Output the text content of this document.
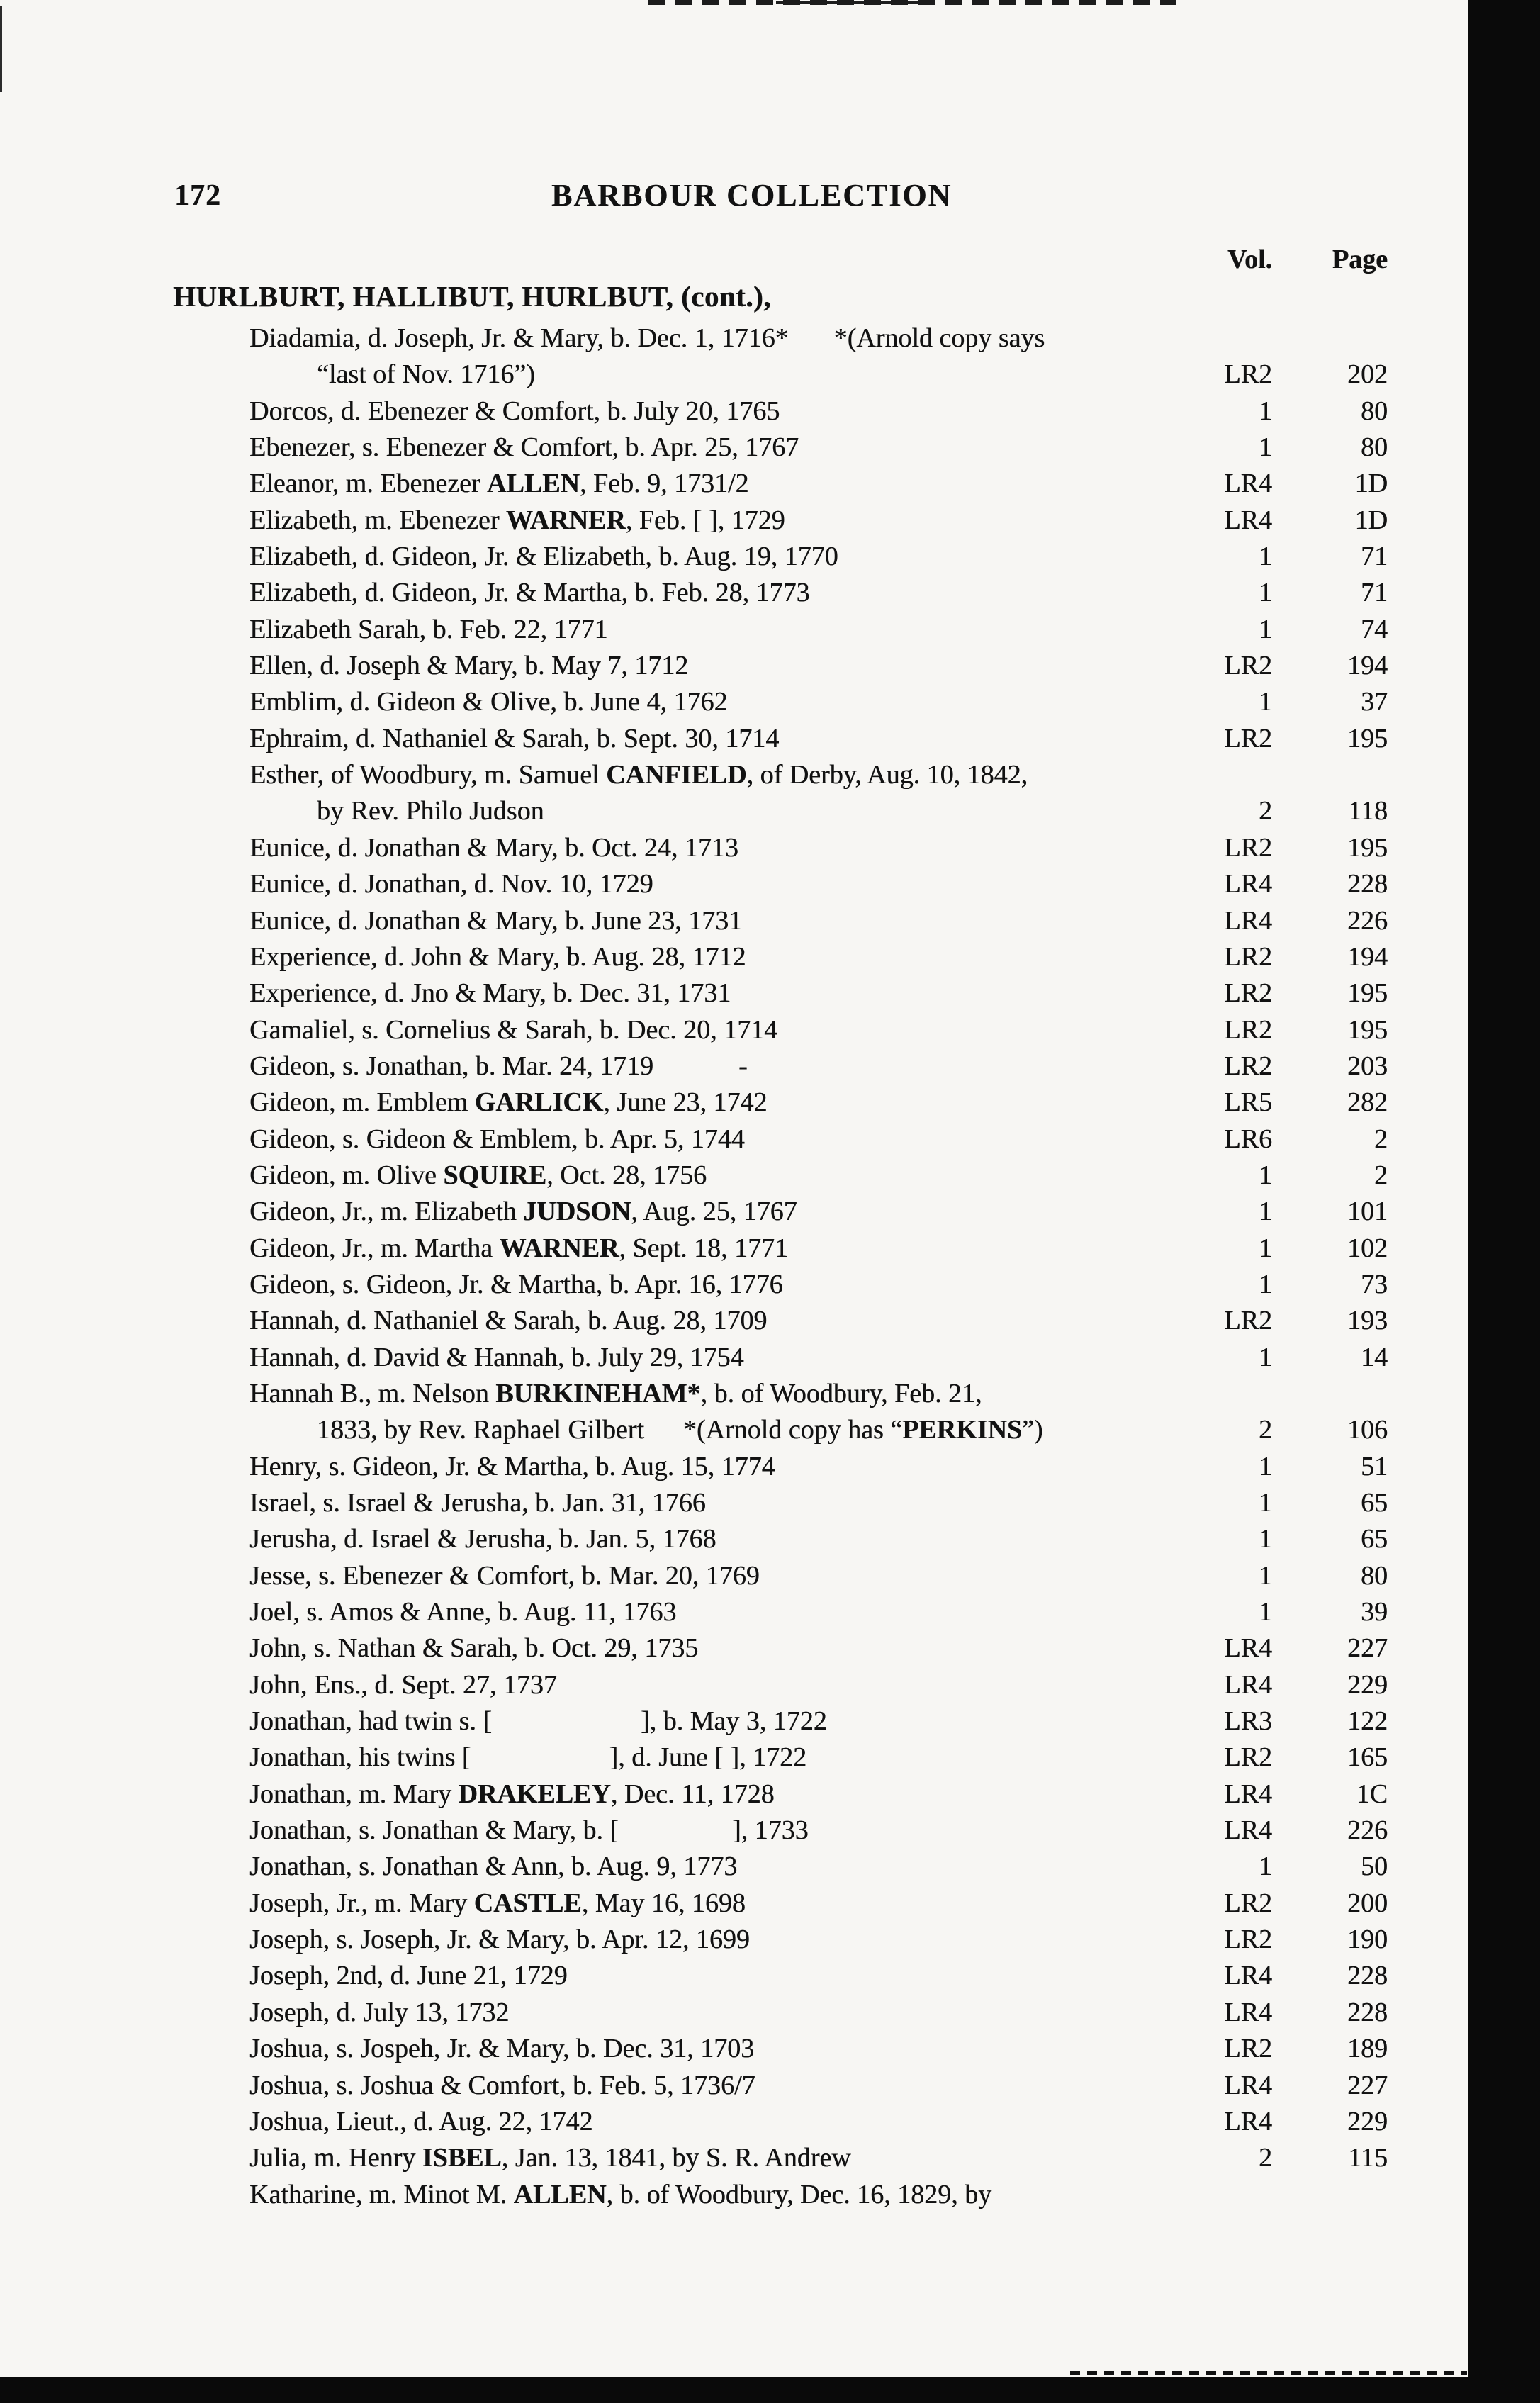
172	BARBOUR COLLECTION
Vol. Page
HURLBURT, HALLIBUT, HURLBUT, (cont.),
Diadamia, d. Joseph, Jr. & Mary, b. Dec. 1, 1716* *(Arnold copy says
“last of Nov. 1716”)	LR2	202
Dorcos, d. Ebenezer & Comfort, b. July 20, 1765	1	80
Ebenezer, s. Ebenezer & Comfort, b. Apr. 25, 1767	1	80
Eleanor, m. Ebenezer ALLEN, Feb. 9, 1731/2	LR4	1D
Elizabeth, m. Ebenezer WARNER, Feb. [ ], 1729	LR4	1D
Elizabeth, d. Gideon, Jr. & Elizabeth, b. Aug. 19, 1770	1	71
Elizabeth, d. Gideon, Jr. & Martha, b. Feb. 28, 1773	1	71
Elizabeth Sarah, b. Feb. 22, 1771	1	74
Ellen, d. Joseph & Mary, b. May 7, 1712	LR2	194
Emblim, d. Gideon & Olive, b. June 4, 1762	1	37
Ephraim, d. Nathaniel & Sarah, b. Sept. 30, 1714	LR2	195
Esther, of Woodbury, m. Samuel CANFIELD, of Derby, Aug. 10, 1842,
by Rev. Philo Judson	2	118
Eunice, d. Jonathan & Mary, b. Oct. 24, 1713	LR2	195
Eunice, d. Jonathan, d. Nov. 10, 1729	LR4	228
Eunice, d. Jonathan & Mary, b. June 23, 1731	LR4	226
Experience, d. John & Mary, b. Aug. 28, 1712	LR2	194
Experience, d. Jno & Mary, b. Dec. 31, 1731	LR2	195
Gamaliel, s. Cornelius & Sarah, b. Dec. 20, 1714	LR2	195
Gideon, s. Jonathan, b. Mar. 24, 1719	-	LR2	203
Gideon, m. Emblem GARLICK, June 23, 1742	LR5	282
Gideon, s. Gideon & Emblem, b. Apr. 5, 1744	LR6	2
Gideon, m. Olive SQUIRE, Oct. 28, 1756	1	2
Gideon, Jr., m. Elizabeth JUDSON, Aug. 25, 1767	1	101
Gideon, Jr., m. Martha WARNER, Sept. 18, 1771	1	102
Gideon, s. Gideon, Jr. & Martha, b. Apr. 16, 1776	1	73
Hannah, d. Nathaniel & Sarah, b. Aug. 28, 1709	LR2	193
Hannah, d. David & Hannah, b. July 29, 1754	1	14
Hannah B., m. Nelson BURKINEHAM*, b. of Woodbury, Feb. 21,
1833, by Rev. Raphael Gilbert *(Arnold copy has “PERKINS”)	2	106
Henry, s. Gideon, Jr. & Martha, b. Aug. 15, 1774	1	51
Israel, s. Israel & Jerusha, b. Jan. 31, 1766	1	65
Jerusha, d. Israel & Jerusha, b. Jan. 5, 1768	1	65
Jesse, s. Ebenezer & Comfort, b. Mar. 20, 1769	1	80
Joel, s. Amos & Anne, b. Aug. 11, 1763	1	39
John, s. Nathan & Sarah, b. Oct. 29, 1735	LR4	227
John, Ens., d. Sept. 27, 1737	LR4	229
Jonathan, had twin s. [	], b. May 3, 1722	LR3	122
Jonathan, his twins [	], d. June [ ], 1722	LR2	165
Jonathan, m. Mary DRAKELEY, Dec. 11, 1728	LR4	1C
Jonathan, s. Jonathan & Mary, b. [	], 1733	LR4	226
Jonathan, s. Jonathan & Ann, b. Aug. 9, 1773	1	50
Joseph, Jr., m. Mary CASTLE, May 16, 1698	LR2	200
Joseph, s. Joseph, Jr. & Mary, b. Apr. 12, 1699	LR2	190
Joseph, 2nd, d. June 21, 1729	LR4	228
Joseph, d. July 13, 1732	LR4	228
Joshua, s. Jospeh, Jr. & Mary, b. Dec. 31, 1703	LR2	189
Joshua, s. Joshua & Comfort, b. Feb. 5, 1736/7	LR4	227
Joshua, Lieut., d. Aug. 22, 1742	LR4	229
Julia, m. Henry ISBEL, Jan. 13, 1841, by S. R. Andrew	2	115
Katharine, m. Minot M. ALLEN, b. of Woodbury, Dec. 16, 1829, by
